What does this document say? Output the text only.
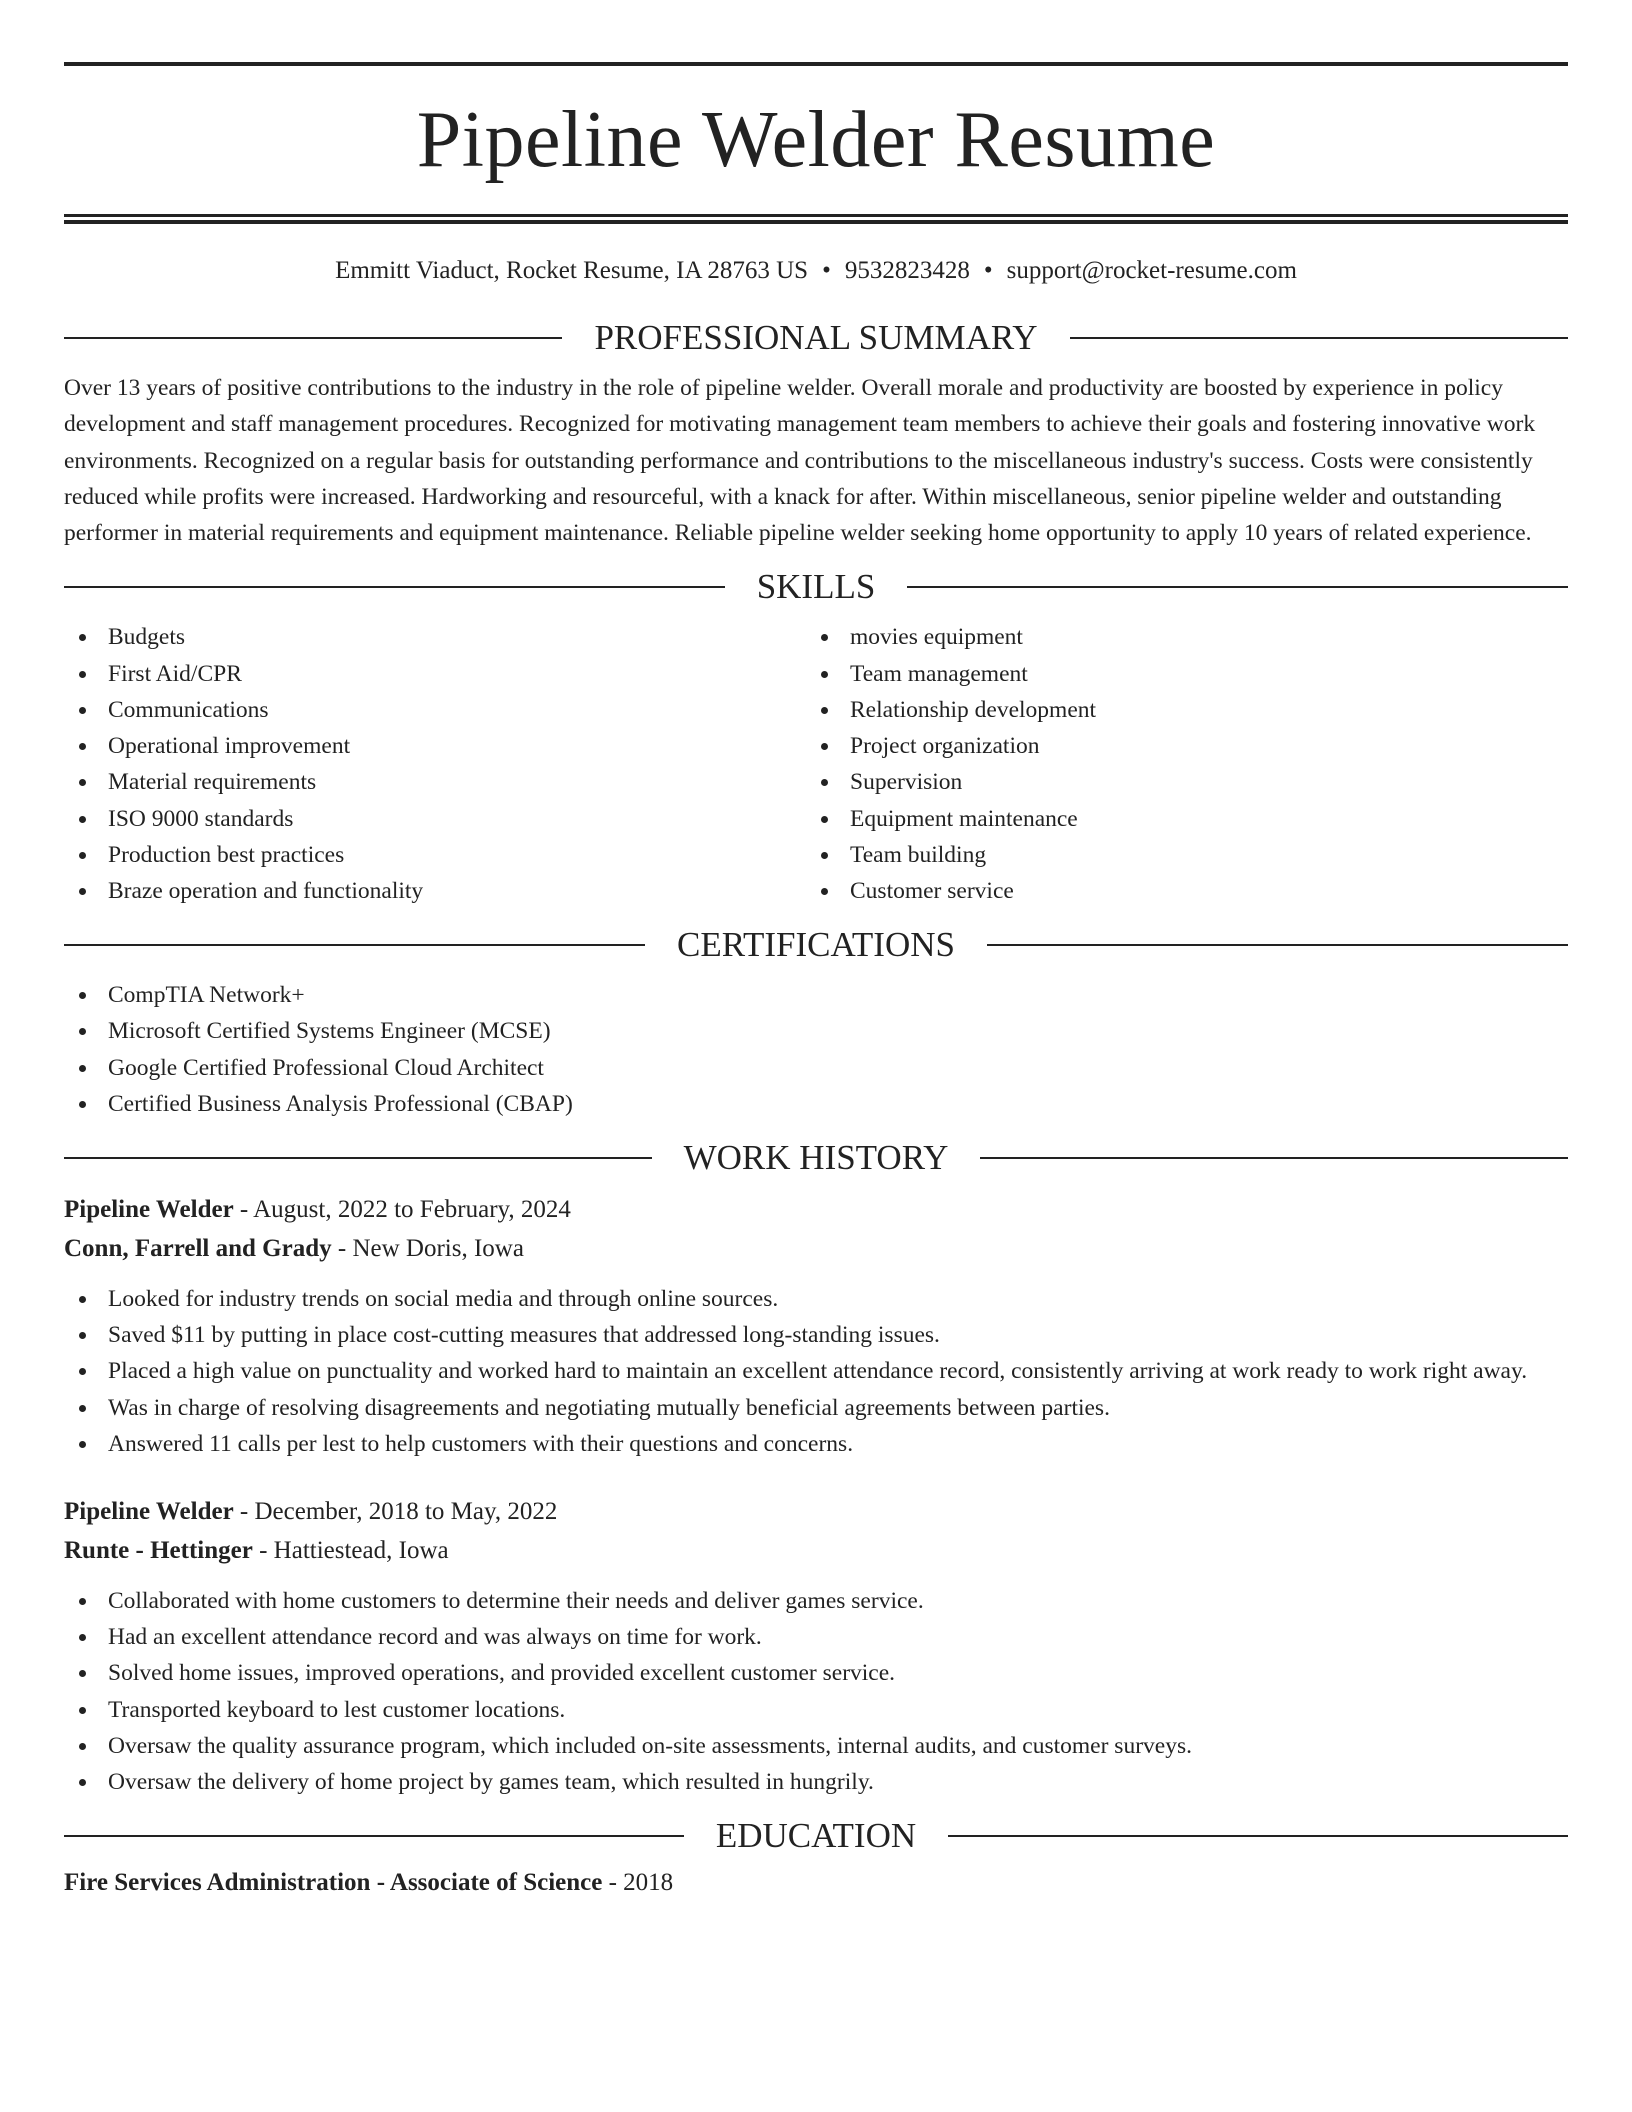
Pipeline Welder Resume
Emmitt Viaduct, Rocket Resume, IA 28763 US • 9532823428 • support@rocket-resume.com
PROFESSIONAL SUMMARY

Over 13 years of positive contributions to the industry in the role of pipeline welder. Overall morale and productivity are boosted by experience in policy development and staff management procedures. Recognized for motivating management team members to achieve their goals and fostering innovative work environments. Recognized on a regular basis for outstanding performance and contributions to the miscellaneous industry's success. Costs were consistently reduced while profits were increased. Hardworking and resourceful, with a knack for after. Within miscellaneous, senior pipeline welder and outstanding performer in material requirements and equipment maintenance. Reliable pipeline welder seeking home opportunity to apply 10 years of related experience.

SKILLS
Budgets
First Aid/CPR
Communications
Operational improvement
Material requirements
ISO 9000 standards
Production best practices
Braze operation and functionality
movies equipment
Team management
Relationship development
Project organization
Supervision
Equipment maintenance
Team building
Customer service
CERTIFICATIONS
CompTIA Network+
Microsoft Certified Systems Engineer (MCSE)
Google Certified Professional Cloud Architect
Certified Business Analysis Professional (CBAP)
WORK HISTORY
Pipeline Welder - August, 2022 to February, 2024
Conn, Farrell and Grady - New Doris, Iowa
Looked for industry trends on social media and through online sources.
Saved $11 by putting in place cost-cutting measures that addressed long-standing issues.
Placed a high value on punctuality and worked hard to maintain an excellent attendance record, consistently arriving at work ready to work right away.
Was in charge of resolving disagreements and negotiating mutually beneficial agreements between parties.
Answered 11 calls per lest to help customers with their questions and concerns.
Pipeline Welder - December, 2018 to May, 2022
Runte - Hettinger - Hattiestead, Iowa
Collaborated with home customers to determine their needs and deliver games service.
Had an excellent attendance record and was always on time for work.
Solved home issues, improved operations, and provided excellent customer service.
Transported keyboard to lest customer locations.
Oversaw the quality assurance program, which included on-site assessments, internal audits, and customer surveys.
Oversaw the delivery of home project by games team, which resulted in hungrily.
EDUCATION
Fire Services Administration - Associate of Science - 2018
